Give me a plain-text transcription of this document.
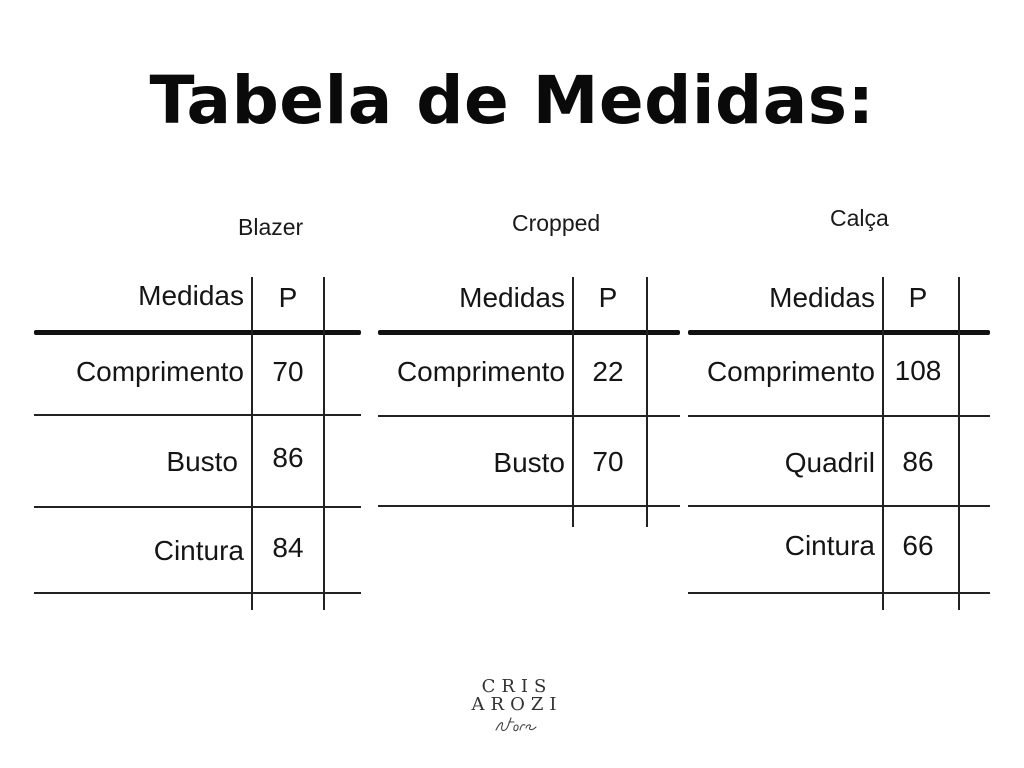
Tabela de Medidas:
Blazer
Medidas	P
Comprimento	70
Busto	86
Cintura	84
Cropped
Medidas	P
Comprimento 22
Busto 70
Calça
Medidas	P
Comprimento 108
Quadril 86
Cintura 66
CRIS
AROZI
